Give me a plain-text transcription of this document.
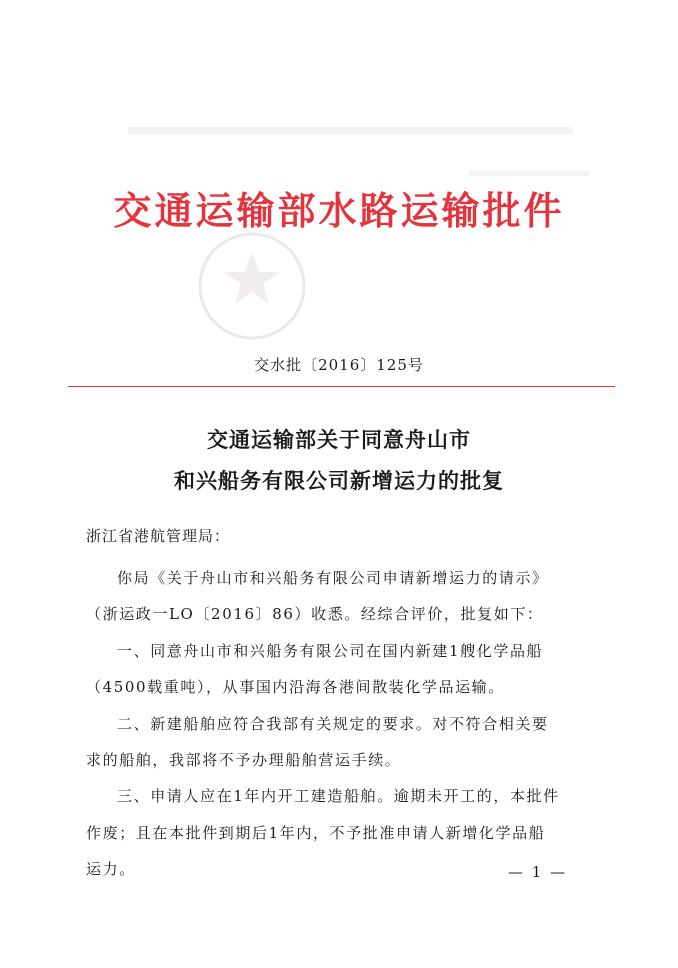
交通运输部水路运输批件
交水批〔2016〕125号
交通运输部关于同意舟山市
和兴船务有限公司新增运力的批复
浙江省港航管理局：
你局《关于舟山市和兴船务有限公司申请新增运力的请示》
（浙运政一LO〔2016〕86）收悉。经综合评价，批复如下：
一、同意舟山市和兴船务有限公司在国内新建1艘化学品船
（4500载重吨），从事国内沿海各港间散装化学品运输。
二、新建船舶应符合我部有关规定的要求。对不符合相关要
求的船舶，我部将不予办理船舶营运手续。
三、申请人应在1年内开工建造船舶。逾期未开工的，本批件
作废；且在本批件到期后1年内，不予批准申请人新增化学品船
运力。	— 1 —
